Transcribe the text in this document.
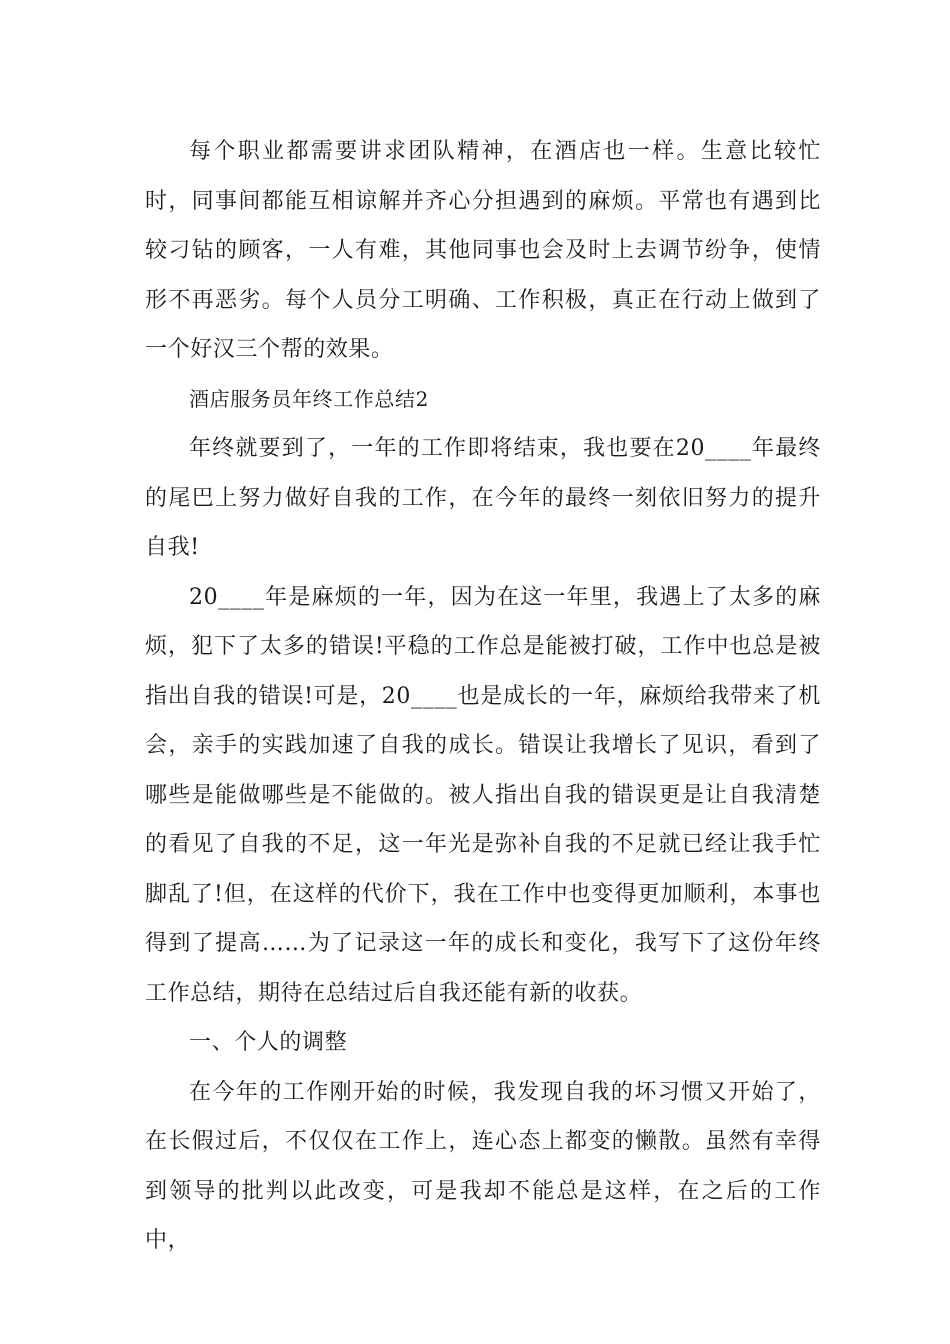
每个职业都需要讲求团队精神，在酒店也一样。生意比较忙时，同事间都能互相谅解并齐心分担遇到的麻烦。平常也有遇到比较刁钻的顾客，一人有难，其他同事也会及时上去调节纷争，使情形不再恶劣。每个人员分工明确、工作积极，真正在行动上做到了一个好汉三个帮的效果。

酒店服务员年终工作总结2

年终就要到了，一年的工作即将结束，我也要在20____年最终的尾巴上努力做好自我的工作，在今年的最终一刻依旧努力的提升自我!

20____年是麻烦的一年，因为在这一年里，我遇上了太多的麻烦，犯下了太多的错误!平稳的工作总是能被打破，工作中也总是被指出自我的错误!可是，20____也是成长的一年，麻烦给我带来了机会，亲手的实践加速了自我的成长。错误让我增长了见识，看到了哪些是能做哪些是不能做的。被人指出自我的错误更是让自我清楚的看见了自我的不足，这一年光是弥补自我的不足就已经让我手忙脚乱了!但，在这样的代价下，我在工作中也变得更加顺利，本事也得到了提高……为了记录这一年的成长和变化，我写下了这份年终工作总结，期待在总结过后自我还能有新的收获。

一、个人的调整

在今年的工作刚开始的时候，我发现自我的坏习惯又开始了，在长假过后，不仅仅在工作上，连心态上都变的懒散。虽然有幸得到领导的批判以此改变，可是我却不能总是这样，在之后的工作中，
